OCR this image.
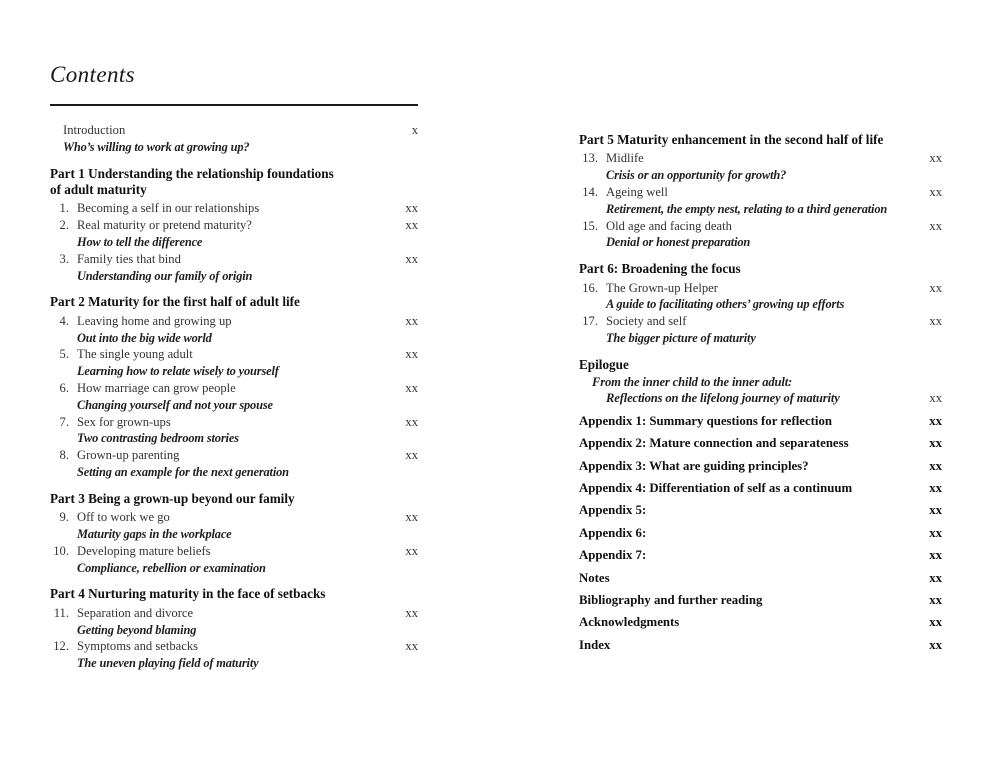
Contents
Introduction	x
Who’s willing to work at growing up?
Part 1 Understanding the relationship foundations
of adult maturity
1. Becoming a self in our relationships	xx
2. Real maturity or pretend maturity?	xx
How to tell the difference
3. Family ties that bind	xx
Understanding our family of origin
Part 2 Maturity for the first half of adult life
4. Leaving home and growing up	xx
Out into the big wide world
5. The single young adult	xx
Learning how to relate wisely to yourself
6. How marriage can grow people	xx
Changing yourself and not your spouse
7. Sex for grown-ups	xx
Two contrasting bedroom stories
8. Grown-up parenting	xx
Setting an example for the next generation
Part 3 Being a grown-up beyond our family
9. Off to work we go	xx
Maturity gaps in the workplace
10. Developing mature beliefs	xx
Compliance, rebellion or examination
Part 4 Nurturing maturity in the face of setbacks
11. Separation and divorce	xx
Getting beyond blaming
12. Symptoms and setbacks	xx
The uneven playing field of maturity
Part 5 Maturity enhancement in the second half of life
13. Midlife	xx
Crisis or an opportunity for growth?
14. Ageing well	xx
Retirement, the empty nest, relating to a third generation
15. Old age and facing death	xx
Denial or honest preparation
Part 6: Broadening the focus
16. The Grown-up Helper	xx
A guide to facilitating others’ growing up efforts
17. Society and self	xx
The bigger picture of maturity
Epilogue
From the inner child to the inner adult:
Reflections on the lifelong journey of maturity	xx
Appendix 1: Summary questions for reflection	xx
Appendix 2: Mature connection and separateness	xx
Appendix 3: What are guiding principles?	xx
Appendix 4: Differentiation of self as a continuum	xx
Appendix 5:	xx
Appendix 6:	xx
Appendix 7:	xx
Notes	xx
Bibliography and further reading	xx
Acknowledgments	xx
Index	xx
